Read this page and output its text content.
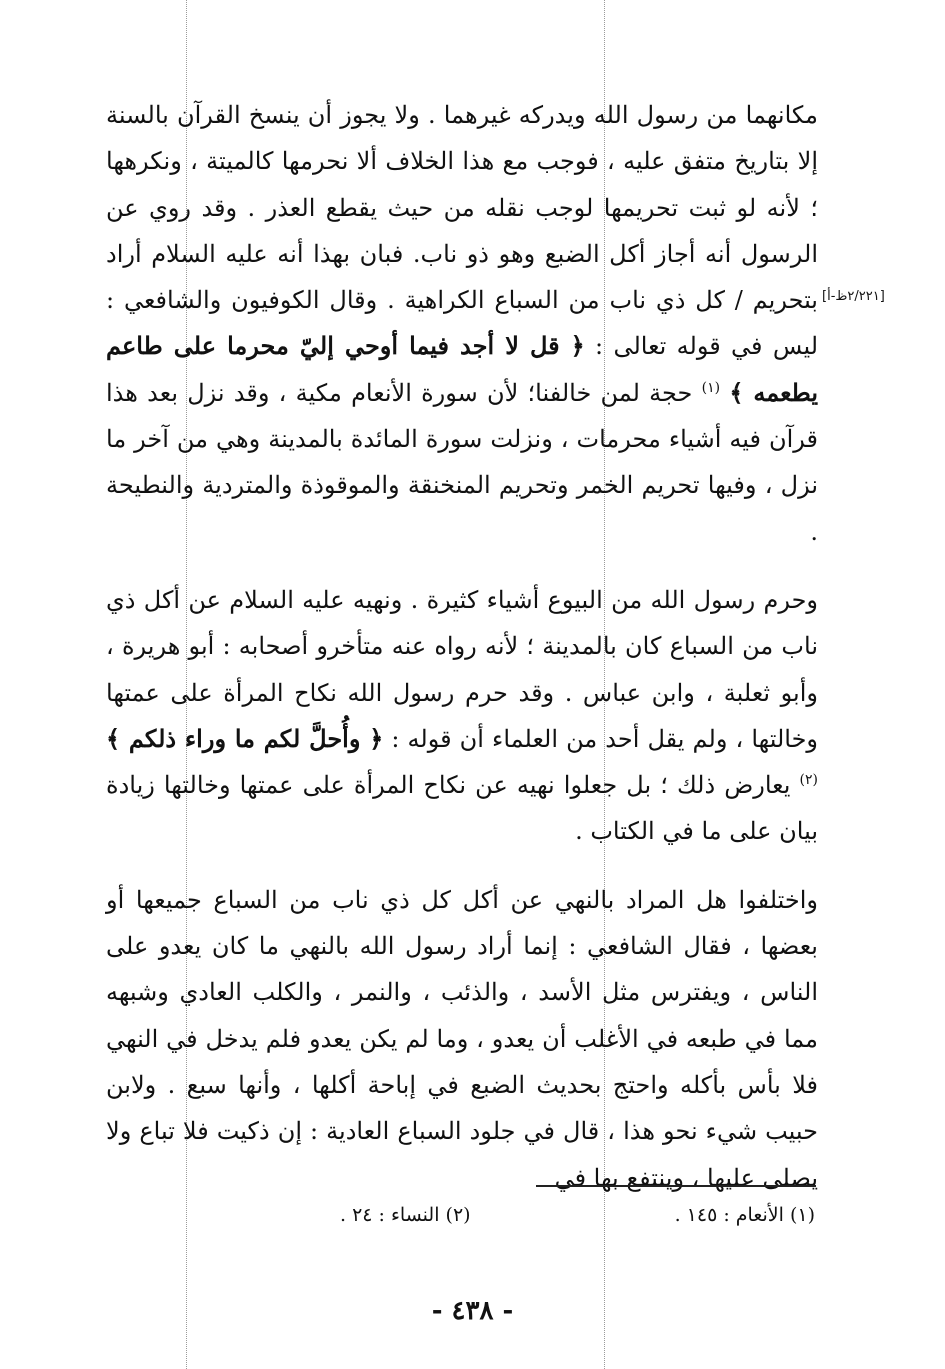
[٢/٢٢١ظ-أ]

مكانهما من رسول الله ويدركه غيرهما . ولا يجوز أن ينسخ القرآن بالسنة إلا بتاريخ متفق عليه ، فوجب مع هذا الخلاف ألا نحرمها كالميتة ، ونكرهها ؛ لأنه لو ثبت تحريمها لوجب نقله من حيث يقطع العذر . وقد روي عن الرسول أنه أجاز أكل الضبع وهو ذو ناب. فبان بهذا أنه عليه السلام أراد بتحريم / كل ذي ناب من السباع الكراهية . وقال الكوفيون والشافعي : ليس في قوله تعالى : ﴿ قل لا أجد فيما أوحي إليّ محرما على طاعم يطعمه ﴾ $^{(١)}$ حجة لمن خالفنا؛ لأن سورة الأنعام مكية ، وقد نزل بعد هذا قرآن فيه أشياء محرمات ، ونزلت سورة المائدة بالمدينة وهي من آخر ما نزل ، وفيها تحريم الخمر وتحريم المنخنقة والموقوذة والمتردية والنطيحة .

وحرم رسول الله من البيوع أشياء كثيرة . ونهيه عليه السلام عن أكل ذي ناب من السباع كان بالمدينة ؛ لأنه رواه عنه متأخرو أصحابه : أبو هريرة ، وأبو ثعلبة ، وابن عباس . وقد حرم رسول الله نكاح المرأة على عمتها وخالتها ، ولم يقل أحد من العلماء أن قوله : ﴿ وأُحلَّ لكم ما وراء ذلكم ﴾ $^{(٢)}$ يعارض ذلك ؛ بل جعلوا نهيه عن نكاح المرأة على عمتها وخالتها زيادة بيان على ما في الكتاب .

واختلفوا هل المراد بالنهي عن أكل كل ذي ناب من السباع جميعها أو بعضها ، فقال الشافعي : إنما أراد رسول الله بالنهي ما كان يعدو على الناس ، ويفترس مثل الأسد ، والذئب ، والنمر ، والكلب العادي وشبهه مما في طبعه في الأغلب أن يعدو ، وما لم يكن يعدو فلم يدخل في النهي فلا بأس بأكله واحتج بحديث الضبع في إباحة أكلها ، وأنها سبع . ولابن حبيب شيء نحو هذا ، قال في جلود السباع العادية : إن ذكيت فلا تباع ولا يصلى عليها ، وينتفع بها في

(١) الأنعام : ١٤٥ .
(٢) النساء : ٢٤ .
- ٤٣٨ -
